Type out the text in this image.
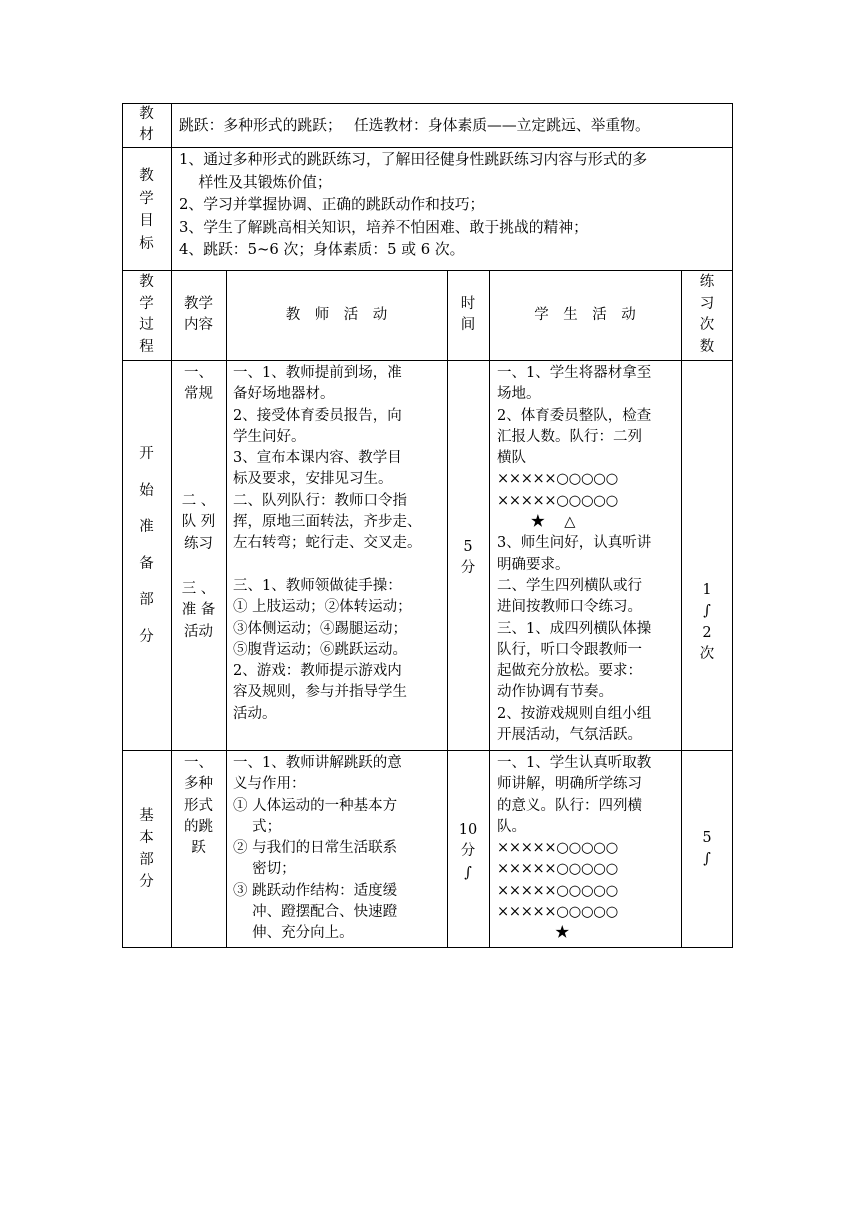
教材
跳跃：多种形式的跳跃；　 任选教材：身体素质——立定跳远、举重物。
教学目标
1、通过多种形式的跳跃练习，了解田径健身性跳跃练习内容与形式的多
　 样性及其锻炼价值；
2、学习并掌握协调、正确的跳跃动作和技巧；
3、学生了解跳高相关知识，培养不怕困难、敢于挑战的精神；
4、跳跃：5~6 次；身体素质：5 或 6 次。
教学过程
教学
内容
教　师　活　动
时
间
学　生　活　动
练习次数
开始准备部分
一、
常规
二 、
队 列
练习
三 、
准 备
活动
一、1、教师提前到场，准
备好场地器材。
2、接受体育委员报告，向
学生问好。
3、宣布本课内容、教学目
标及要求，安排见习生。
二、队列队行：教师口令指
挥，原地三面转法，齐步走、
左右转弯；蛇行走、交叉走。
三、1、教师领做徒手操：
① 上肢运动；②体转运动；
③体侧运动；④踢腿运动；
⑤腹背运动；⑥跳跃运动。
2、游戏：教师提示游戏内
容及规则，参与并指导学生
活动。
5
分
一、1、学生将器材拿至
场地。
2、体育委员整队，检查
汇报人数。队行：二列
横队
×××××○○○○○
×××××○○○○○
　　 ★　 △
3、师生问好，认真听讲
明确要求。
二、学生四列横队或行
进间按教师口令练习。
三、1、成四列横队体操
队行，听口令跟教师一
起做充分放松。要求：
动作协调有节奏。
2、按游戏规则自组小组
开展活动，气氛活跃。
1
∫
2
次
基本部分
一、
多种
形式
的跳
跃
一、1、教师讲解跳跃的意
义与作用：
① 人体运动的一种基本方
　 式；
② 与我们的日常生活联系
　 密切；
③ 跳跃动作结构：适度缓
　 冲、蹬摆配合、快速蹬
　 伸、充分向上。
10
分
∫
一、1、学生认真听取教
师讲解，明确所学练习
的意义。队行：四列横
队。
×××××○○○○○
×××××○○○○○
×××××○○○○○
×××××○○○○○
　　　　★
5
∫
